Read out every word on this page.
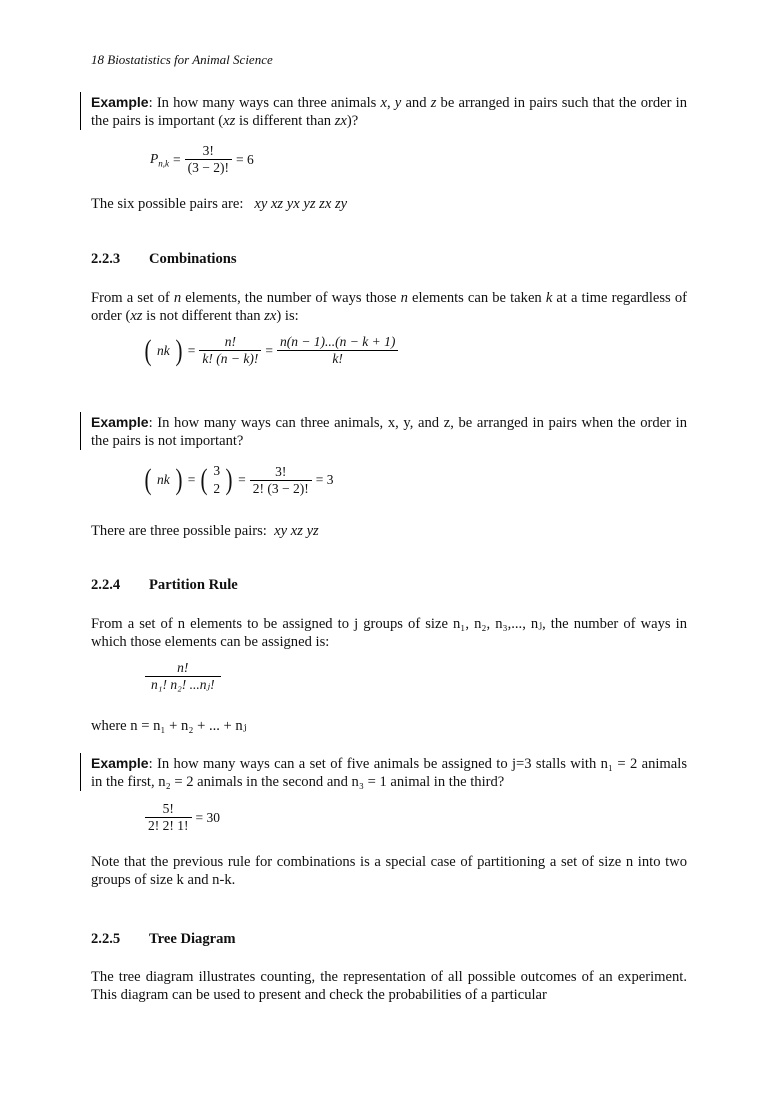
18 Biostatistics for Animal Science
Example: In how many ways can three animals x, y and z be arranged in pairs such that the order in the pairs is important (xz is different than zx)?
$P_{n,k} = \frac{3!}{(3 - 2)!} = 6$
The six possible pairs are: xy xz yx yz zx zy
2.2.3 Combinations
From a set of n elements, the number of ways those n elements can be taken k at a time regardless of order (xz is not different than zx) is:
( nk ) = $\frac{n!}{k! (n - k)!} = \frac{n(n - 1)...(n - k + 1)}{k!}$
Example: In how many ways can three animals, x, y, and z, be arranged in pairs when the order in the pairs is not important?
( nk ) = ( 3
2 ) = $\frac{3!}{2! (3 - 2)!} = 3$
There are three possible pairs: xy xz yz
2.2.4 Partition Rule
From a set of n elements to be assigned to j groups of size n₁, n₂, n₃,..., nⱼ, the number of ways in which those elements can be assigned is:
$\frac{n!}{\text{n₁! n₂! ...nⱼ!}}$
where n = n₁ + n₂ + ... + nⱼ
Example: In how many ways can a set of five animals be assigned to j=3 stalls with n₁ = 2 animals in the first, n₂ = 2 animals in the second and n₃ = 1 animal in the third?
$\frac{5!}{2! 2! 1!} = 30$
Note that the previous rule for combinations is a special case of partitioning a set of size n into two groups of size k and n-k.
2.2.5 Tree Diagram
The tree diagram illustrates counting, the representation of all possible outcomes of an experiment. This diagram can be used to present and check the probabilities of a particular
